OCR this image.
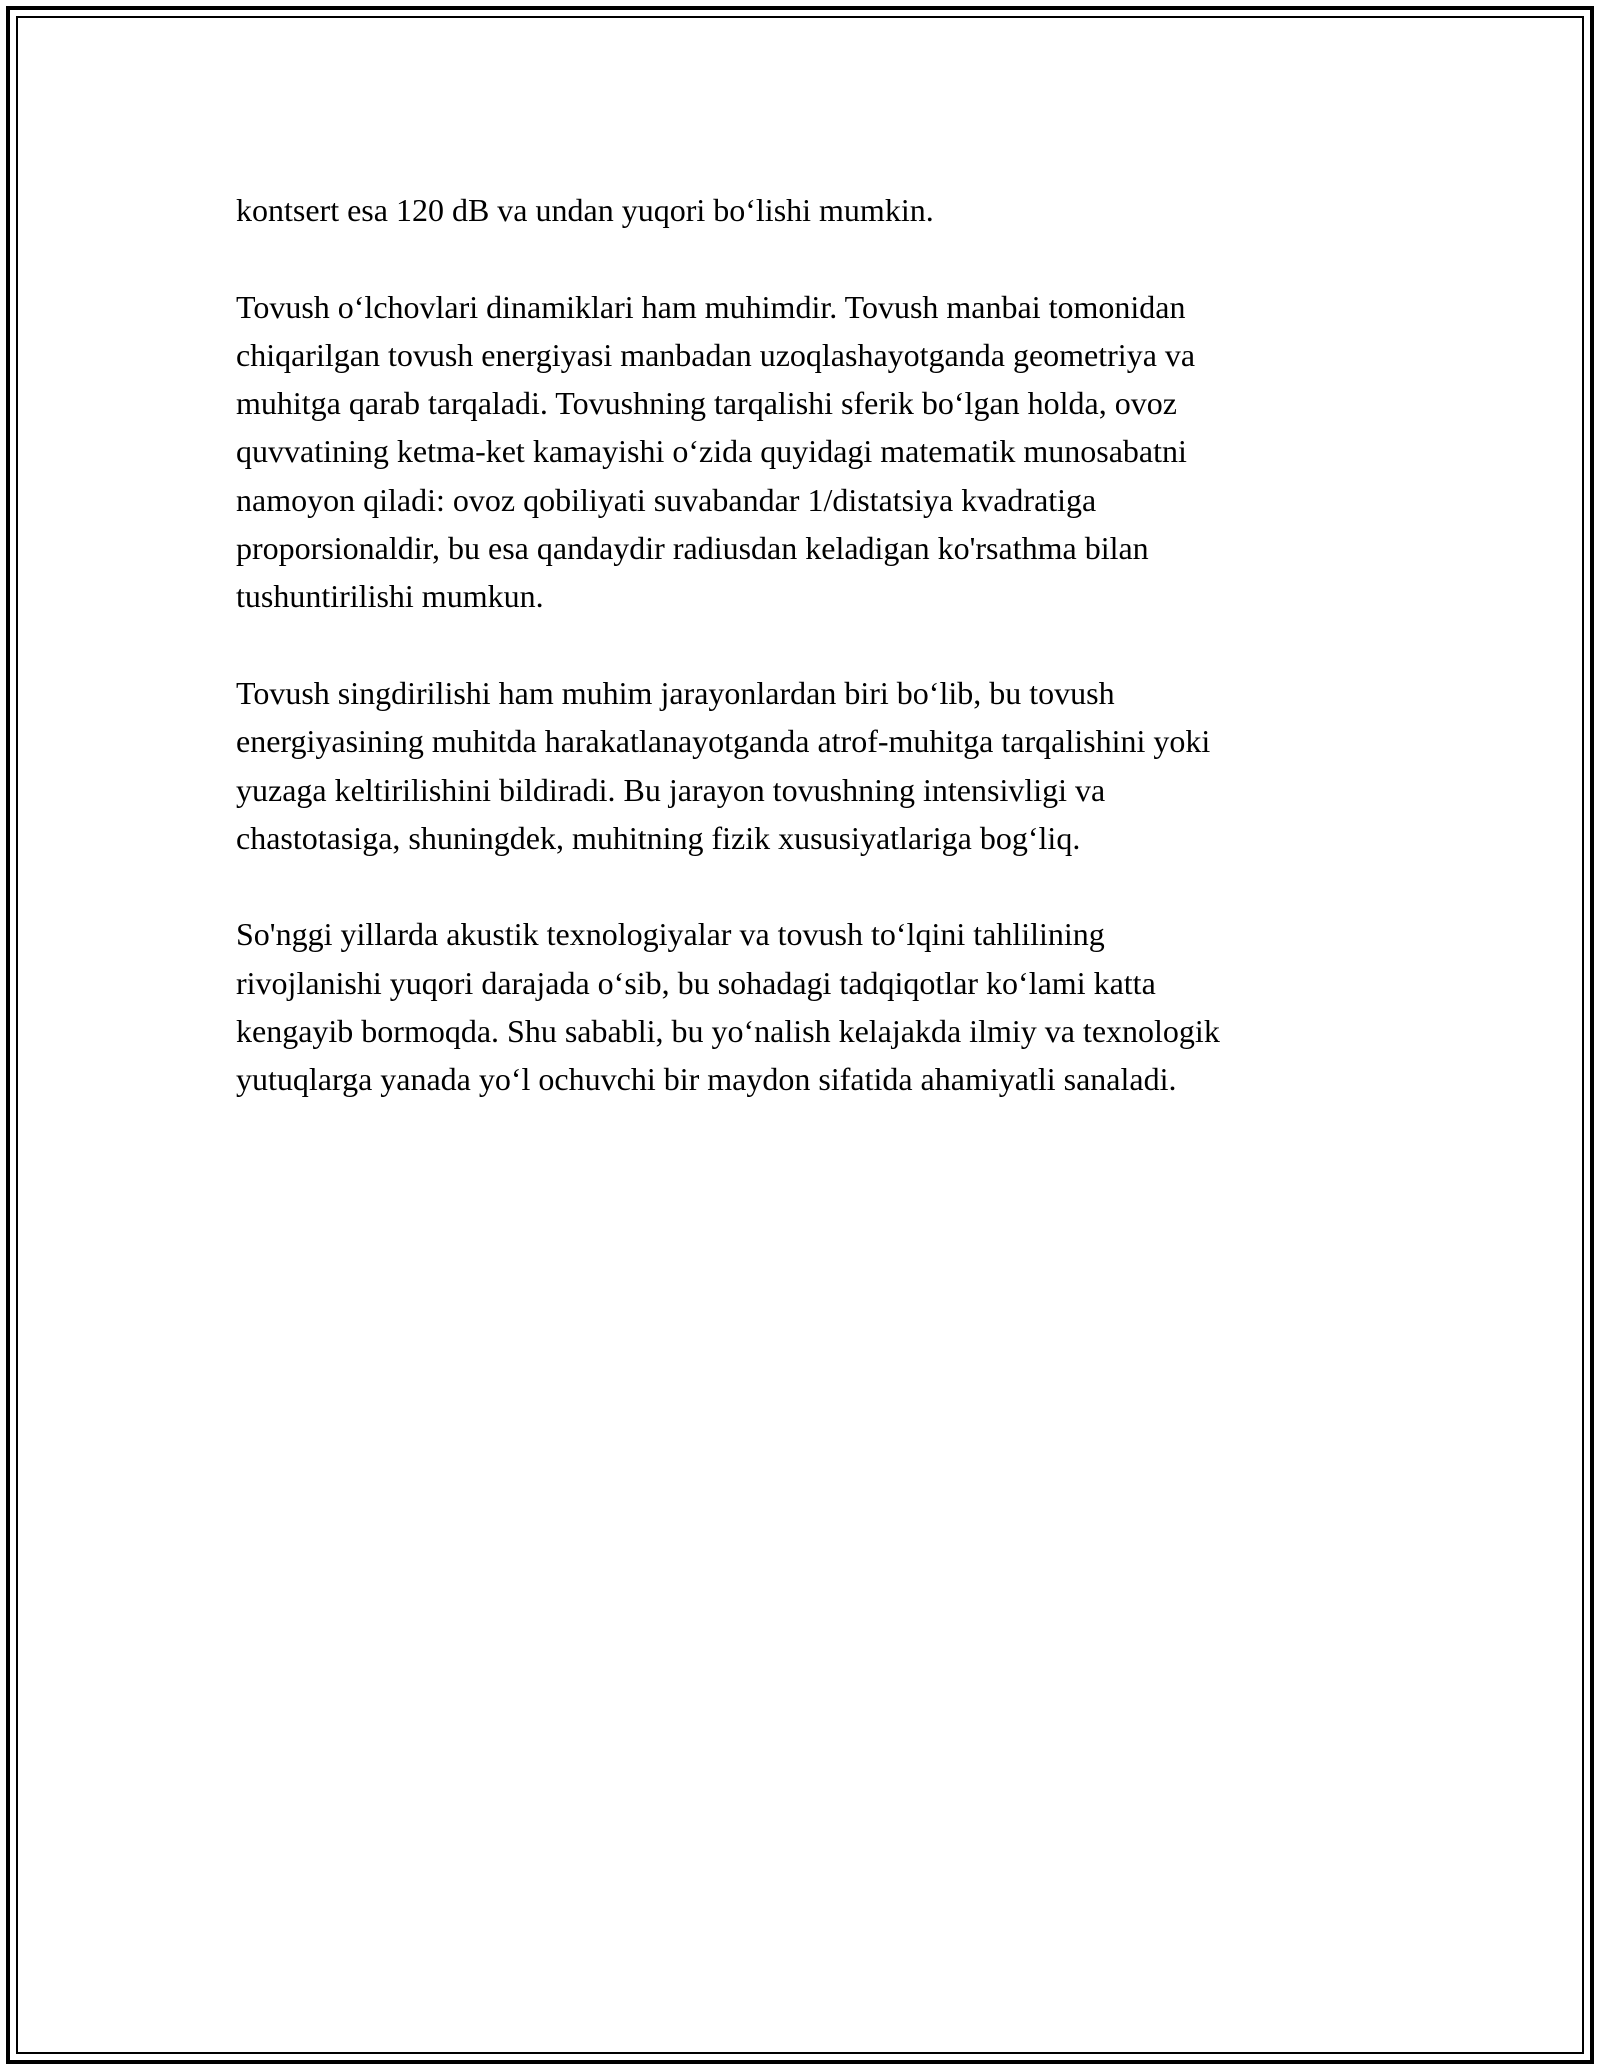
kontsert esa 120 dB va undan yuqori bo‘lishi mumkin.

Tovush o‘lchovlari dinamiklari ham muhimdir. Tovush manbai tomonidan
chiqarilgan tovush energiyasi manbadan uzoqlashayotganda geometriya va
muhitga qarab tarqaladi. Tovushning tarqalishi sferik bo‘lgan holda, ovoz
quvvatining ketma-ket kamayishi o‘zida quyidagi matematik munosabatni
namoyon qiladi: ovoz qobiliyati suvabandar 1/distatsiya kvadratiga
proporsionaldir, bu esa qandaydir radiusdan keladigan ko'rsathma bilan
tushuntirilishi mumkun.

Tovush singdirilishi ham muhim jarayonlardan biri bo‘lib, bu tovush
energiyasining muhitda harakatlanayotganda atrof-muhitga tarqalishini yoki
yuzaga keltirilishini bildiradi. Bu jarayon tovushning intensivligi va
chastotasiga, shuningdek, muhitning fizik xususiyatlariga bog‘liq.

So'nggi yillarda akustik texnologiyalar va tovush to‘lqini tahlilining
rivojlanishi yuqori darajada o‘sib, bu sohadagi tadqiqotlar ko‘lami katta
kengayib bormoqda. Shu sababli, bu yo‘nalish kelajakda ilmiy va texnologik
yutuqlarga yanada yo‘l ochuvchi bir maydon sifatida ahamiyatli sanaladi.
